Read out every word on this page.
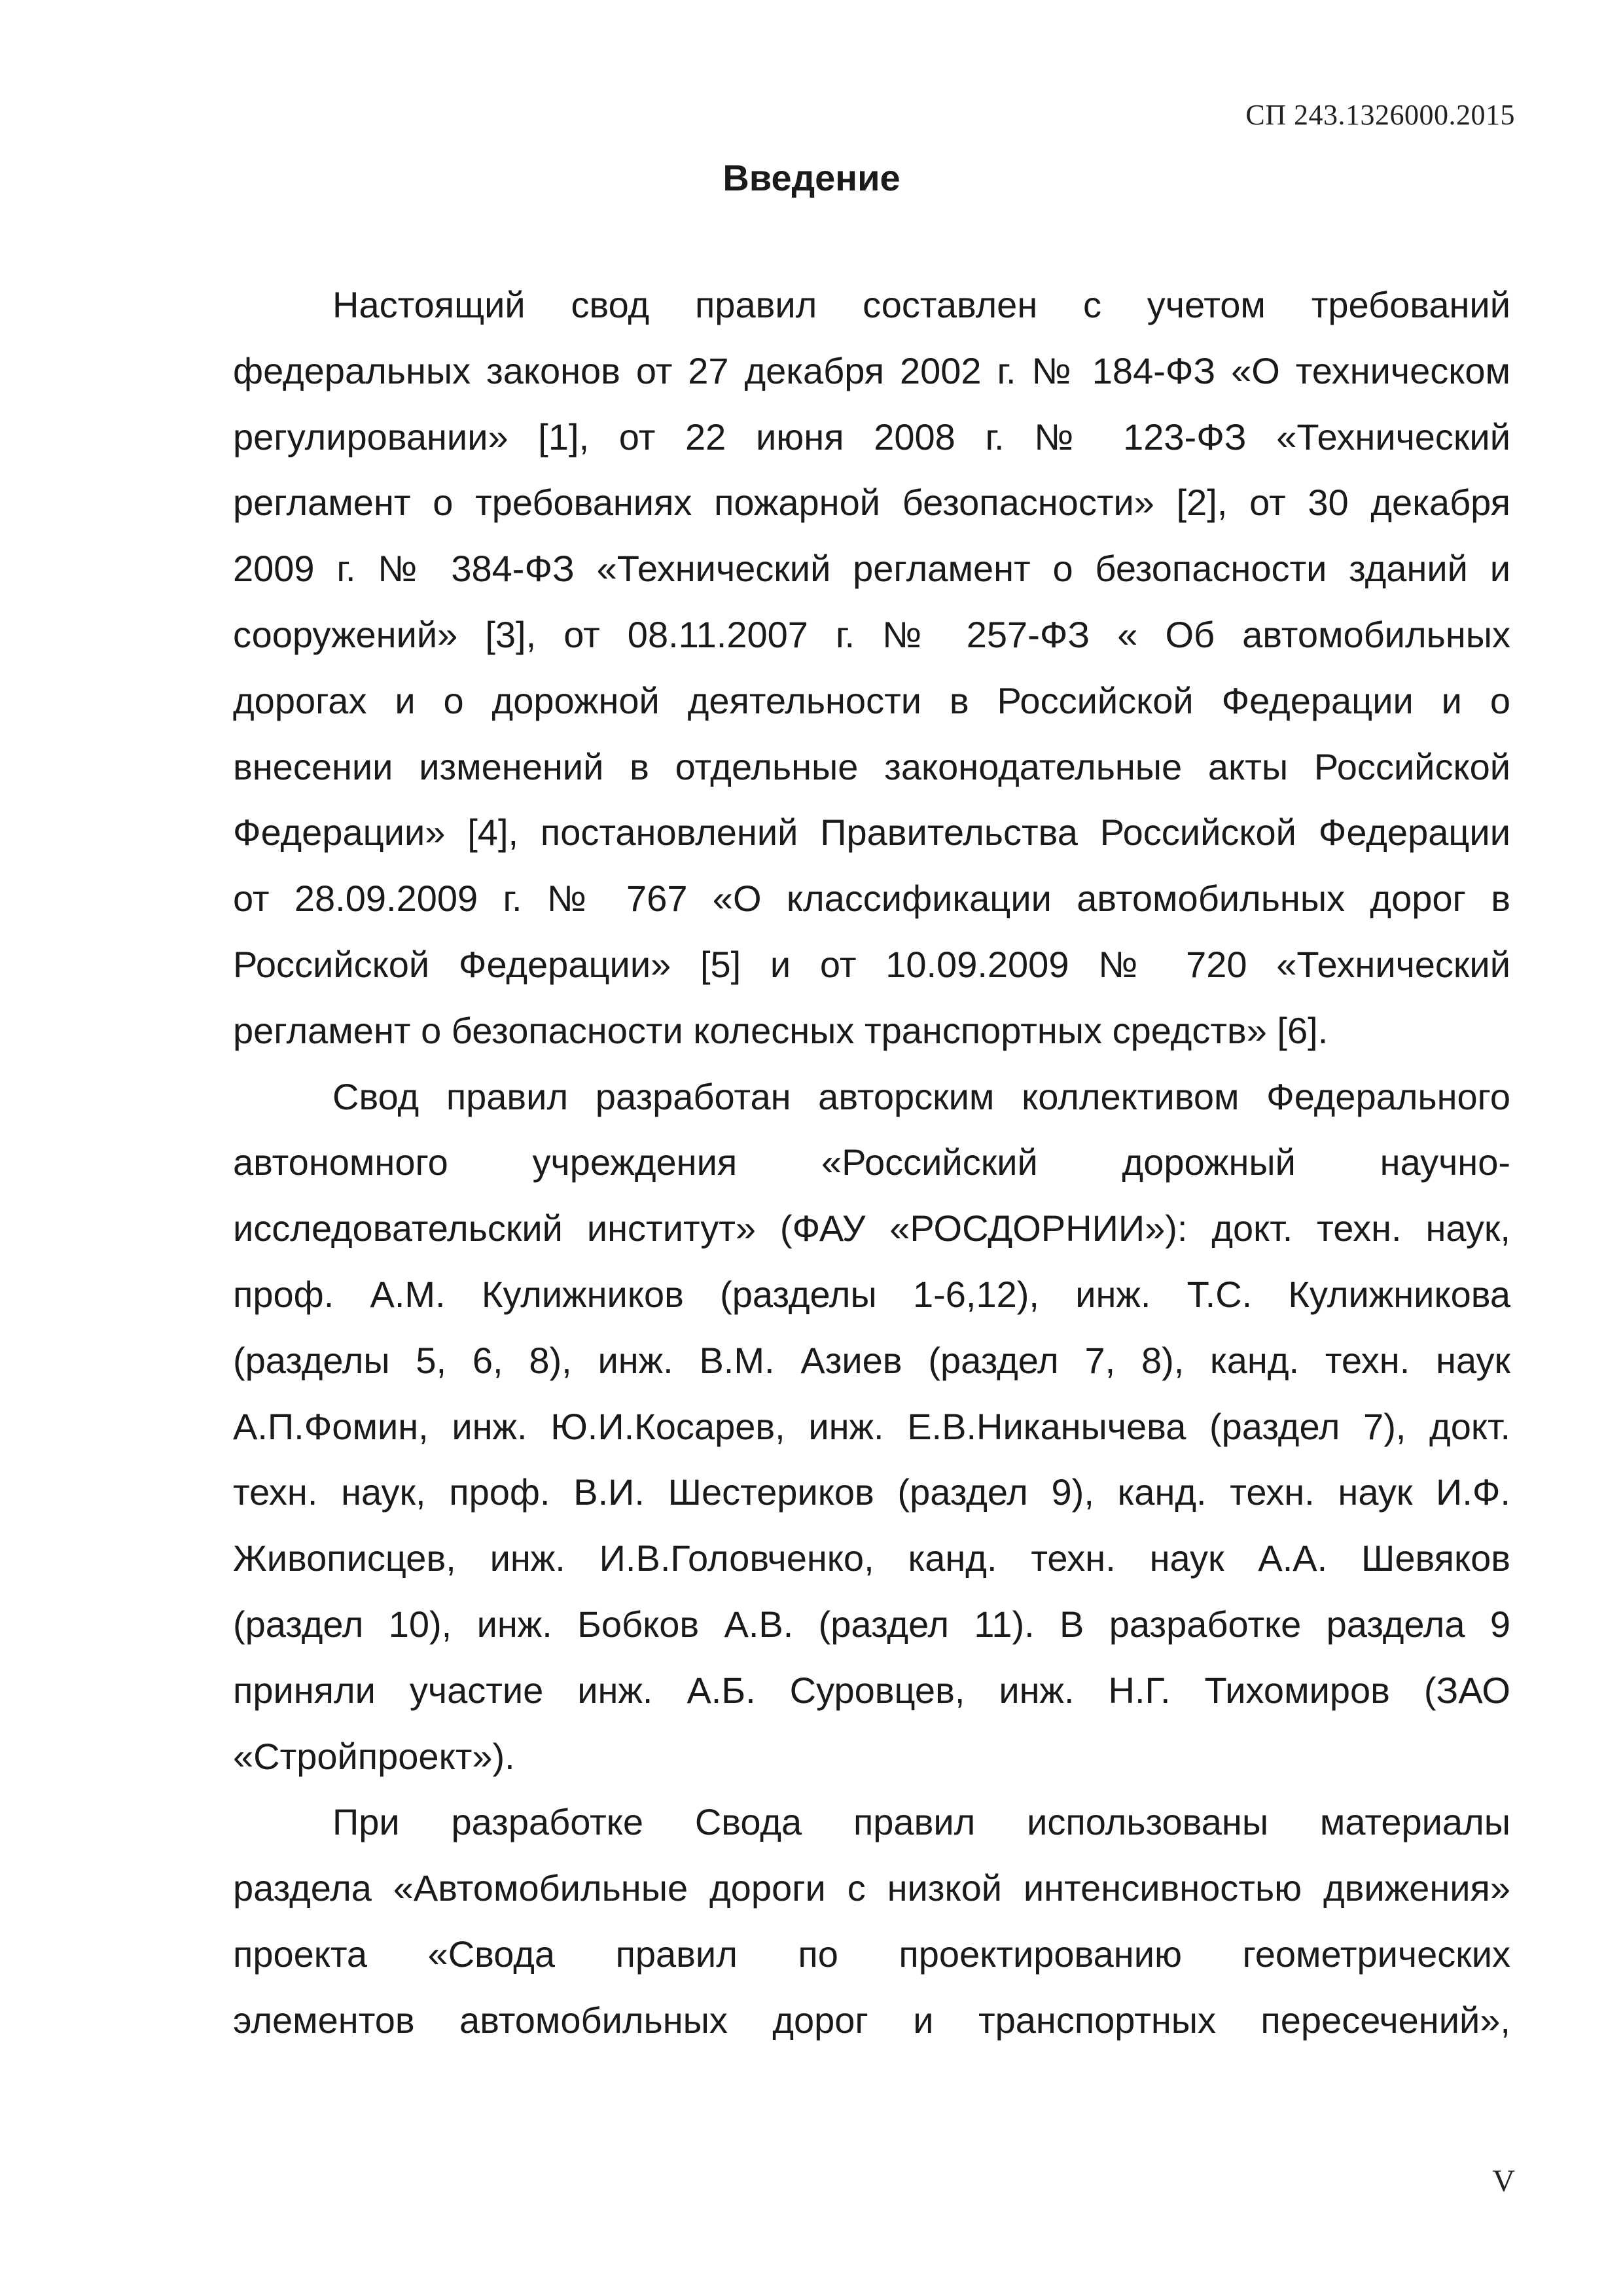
СП 243.1326000.2015
Введение
Настоящий свод правил составлен с учетом требований
федеральных законов от 27 декабря 2002 г. № 184-ФЗ «О техническом
регулировании» [1], от 22 июня 2008 г. № 123-ФЗ «Технический
регламент о требованиях пожарной безопасности» [2], от 30 декабря
2009 г. № 384-ФЗ «Технический регламент о безопасности зданий и
сооружений» [3], от 08.11.2007 г. № 257-ФЗ « Об автомобильных
дорогах и о дорожной деятельности в Российской Федерации и о
внесении изменений в отдельные законодательные акты Российской
Федерации» [4], постановлений Правительства Российской Федерации
от 28.09.2009 г. № 767 «О классификации автомобильных дорог в
Российской Федерации» [5] и от 10.09.2009 № 720 «Технический
регламент о безопасности колесных транспортных средств» [6].
Свод правил разработан авторским коллективом Федерального
автономного учреждения «Российский дорожный научно-
исследовательский институт» (ФАУ «РОСДОРНИИ»): докт. техн. наук,
проф. А.М. Кулижников (разделы 1-6,12), инж. Т.С. Кулижникова
(разделы 5, 6, 8), инж. В.М. Азиев (раздел 7, 8), канд. техн. наук
А.П.Фомин, инж. Ю.И.Косарев, инж. Е.В.Никанычева (раздел 7), докт.
техн. наук, проф. В.И. Шестериков (раздел 9), канд. техн. наук И.Ф.
Живописцев, инж. И.В.Головченко, канд. техн. наук А.А. Шевяков
(раздел 10), инж. Бобков А.В. (раздел 11). В разработке раздела 9
приняли участие инж. А.Б. Суровцев, инж. Н.Г. Тихомиров (ЗАО
«Стройпроект»).
При разработке Свода правил использованы материалы
раздела «Автомобильные дороги с низкой интенсивностью движения»
проекта «Свода правил по проектированию геометрических
элементов автомобильных дорог и транспортных пересечений»,
V
